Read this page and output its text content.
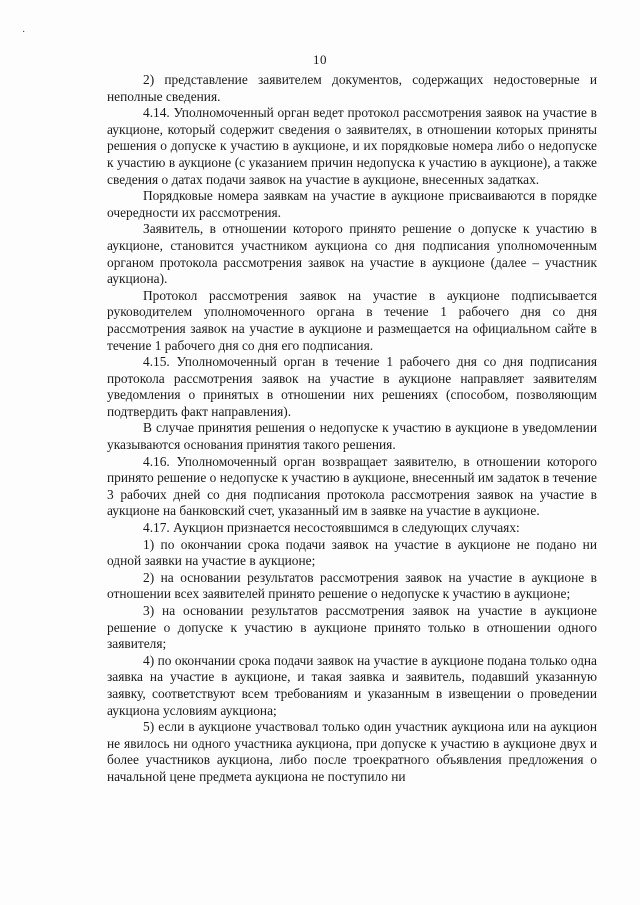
·
10

2) представление заявителем документов, содержащих недостоверные и неполные сведения.

4.14. Уполномоченный орган ведет протокол рассмотрения заявок на участие в аукционе, который содержит сведения о заявителях, в отношении которых приняты решения о допуске к участию в аукционе, и их порядковые номера либо о недопуске к участию в аукционе (с указанием причин недопуска к участию в аукционе), а также сведения о датах подачи заявок на участие в аукционе, внесенных задатках.

Порядковые номера заявкам на участие в аукционе присваиваются в порядке очередности их рассмотрения.

Заявитель, в отношении которого принято решение о допуске к участию в аукционе, становится участником аукциона со дня подписания уполномоченным органом протокола рассмотрения заявок на участие в аукционе (далее – участник аукциона).

Протокол рассмотрения заявок на участие в аукционе подписывается руководителем уполномоченного органа в течение 1 рабочего дня со дня рассмотрения заявок на участие в аукционе и размещается на официальном сайте в течение 1 рабочего дня со дня его подписания.

4.15. Уполномоченный орган в течение 1 рабочего дня со дня подписания протокола рассмотрения заявок на участие в аукционе направляет заявителям уведомления о принятых в отношении них решениях (способом, позволяющим подтвердить факт направления).

В случае принятия решения о недопуске к участию в аукционе в уведомлении указываются основания принятия такого решения.

4.16. Уполномоченный орган возвращает заявителю, в отношении которого принято решение о недопуске к участию в аукционе, внесенный им задаток в течение 3 рабочих дней со дня подписания протокола рассмотрения заявок на участие в аукционе на банковский счет, указанный им в заявке на участие в аукционе.

4.17. Аукцион признается несостоявшимся в следующих случаях:

1) по окончании срока подачи заявок на участие в аукционе не подано ни одной заявки на участие в аукционе;

2) на основании результатов рассмотрения заявок на участие в аукционе в отношении всех заявителей принято решение о недопуске к участию в аукционе;

3) на основании результатов рассмотрения заявок на участие в аукционе решение о допуске к участию в аукционе принято только в отношении одного заявителя;

4) по окончании срока подачи заявок на участие в аукционе подана только одна заявка на участие в аукционе, и такая заявка и заявитель, подавший указанную заявку, соответствуют всем требованиям и указанным в извещении о проведении аукциона условиям аукциона;

5) если в аукционе участвовал только один участник аукциона или на аукцион не явилось ни одного участника аукциона, при допуске к участию в аукционе двух и более участников аукциона, либо после троекратного объявления предложения о начальной цене предмета аукциона не поступило ни
